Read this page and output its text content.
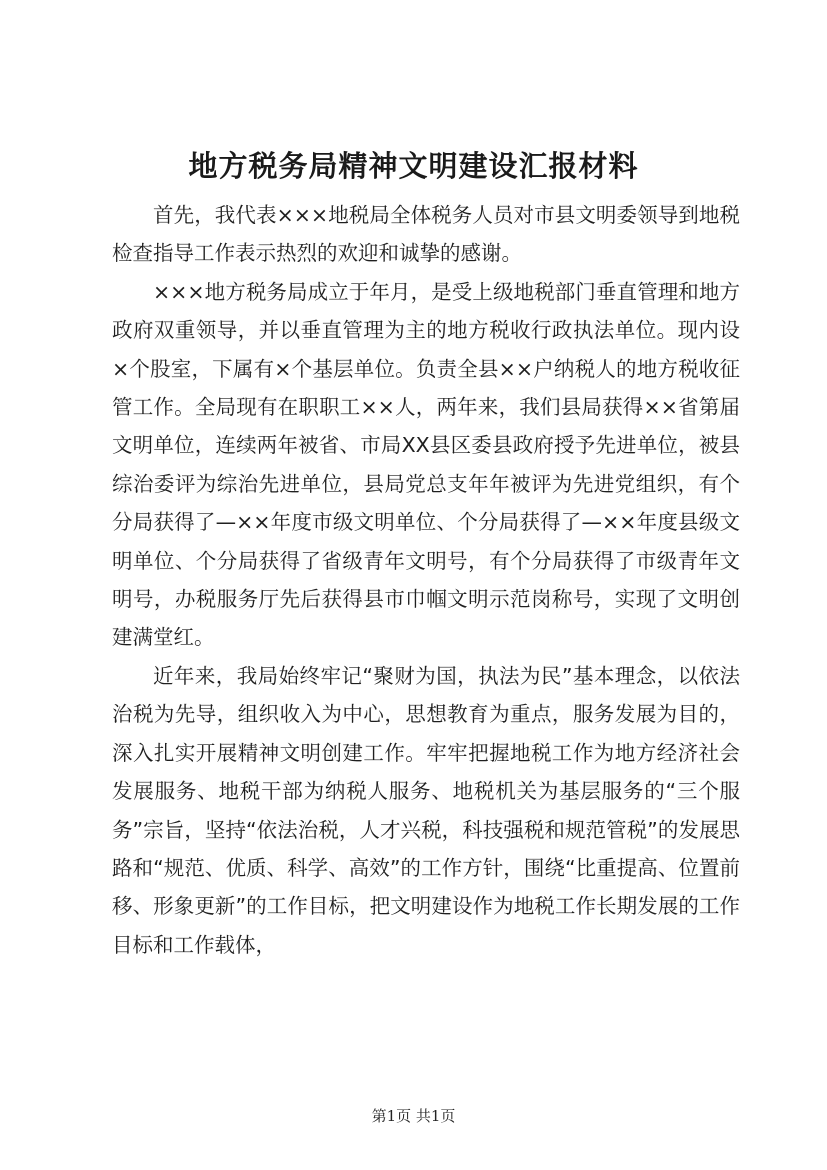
地方税务局精神文明建设汇报材料

首先，我代表×××地税局全体税务人员对市县文明委领导到地税检查指导工作表示热烈的欢迎和诚挚的感谢。

×××地方税务局成立于年月，是受上级地税部门垂直管理和地方政府双重领导，并以垂直管理为主的地方税收行政执法单位。现内设×个股室，下属有×个基层单位。负责全县××户纳税人的地方税收征管工作。全局现有在职职工××人，两年来，我们县局获得××省第届文明单位，连续两年被省、市局XX县区委县政府授予先进单位，被县综治委评为综治先进单位，县局党总支年年被评为先进党组织，有个分局获得了—××年度市级文明单位、个分局获得了—××年度县级文明单位、个分局获得了省级青年文明号，有个分局获得了市级青年文明号，办税服务厅先后获得县市巾帼文明示范岗称号，实现了文明创建满堂红。

近年来，我局始终牢记“聚财为国，执法为民”基本理念，以依法治税为先导，组织收入为中心，思想教育为重点，服务发展为目的，深入扎实开展精神文明创建工作。牢牢把握地税工作为地方经济社会发展服务、地税干部为纳税人服务、地税机关为基层服务的“三个服务”宗旨，坚持“依法治税，人才兴税，科技强税和规范管税”的发展思路和“规范、优质、科学、高效”的工作方针，围绕“比重提高、位置前移、形象更新”的工作目标，把文明建设作为地税工作长期发展的工作目标和工作载体，

第1页 共1页
